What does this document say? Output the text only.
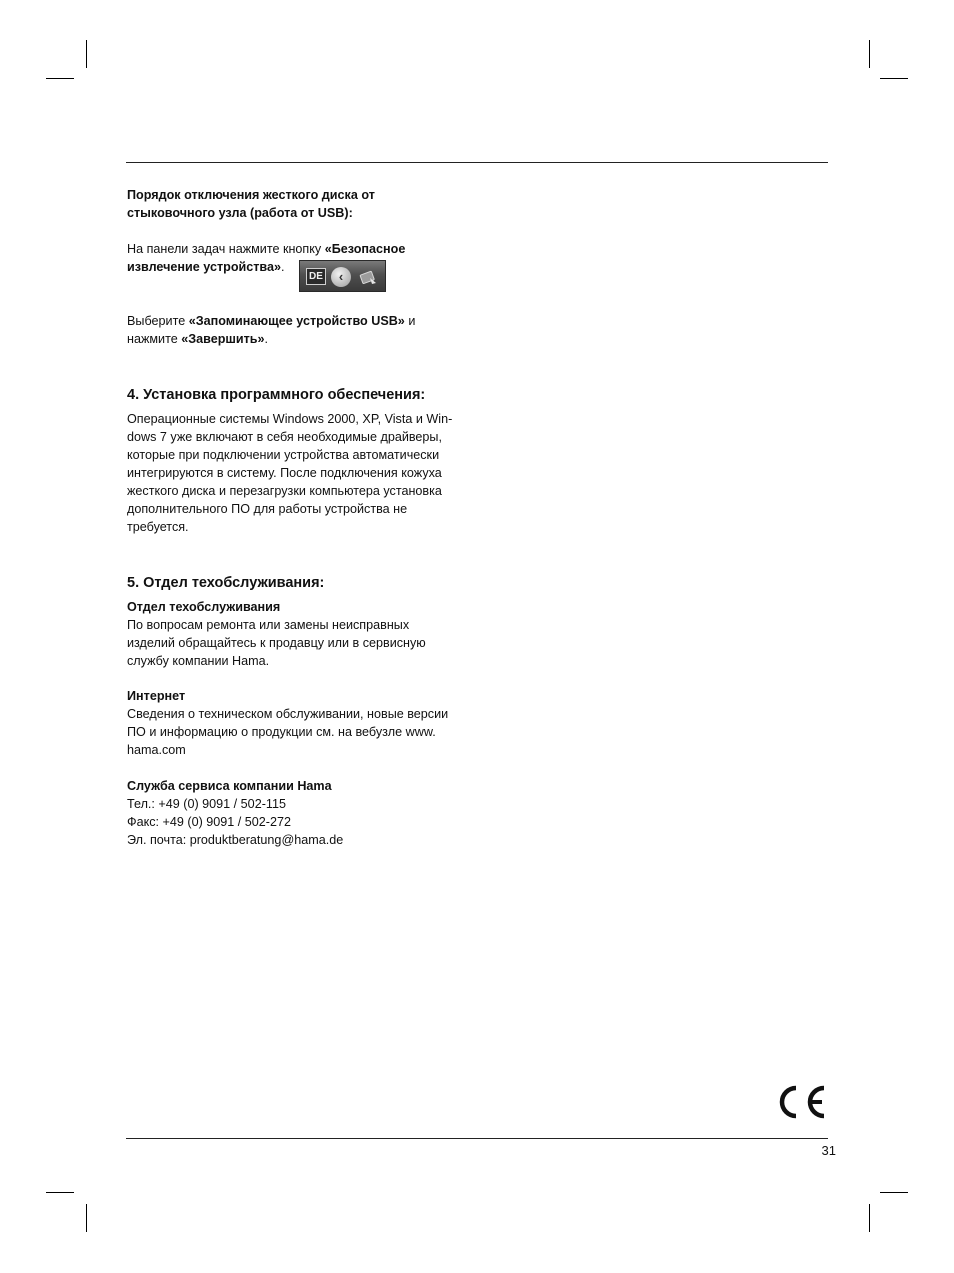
Порядок отключения жесткого диска от

стыковочного узла (работа от USB):

На панели задач нажмите кнопку «Безопасное

извлечение устройства».

DE	‹

Выберите «Запоминающее устройство USB» и

нажмите «Завершить».

4. Установка программного обеспечения:

Операционные системы Windows 2000, XP, Vista и Win-

dows 7 уже включают в себя необходимые драйверы,

которые при подключении устройства автоматически

интегрируются в систему. После подключения кожуха

жесткого диска и перезагрузки компьютера установка

дополнительного ПО для работы устройства не

требуется.

5. Отдел техобслуживания:

Отдел техобслуживания

По вопросам ремонта или замены неисправных

изделий обращайтесь к продавцу или в сервисную

службу компании Hama.

Интернет

Сведения о техническом обслуживании, новые версии

ПО и информацию о продукции см. на вебузле www.

hama.com

Служба сервиса компании Hama

Тел.: +49 (0) 9091 / 502-115

Факс: +49 (0) 9091 / 502-272

Эл. почта: produktberatung@hama.de

31
